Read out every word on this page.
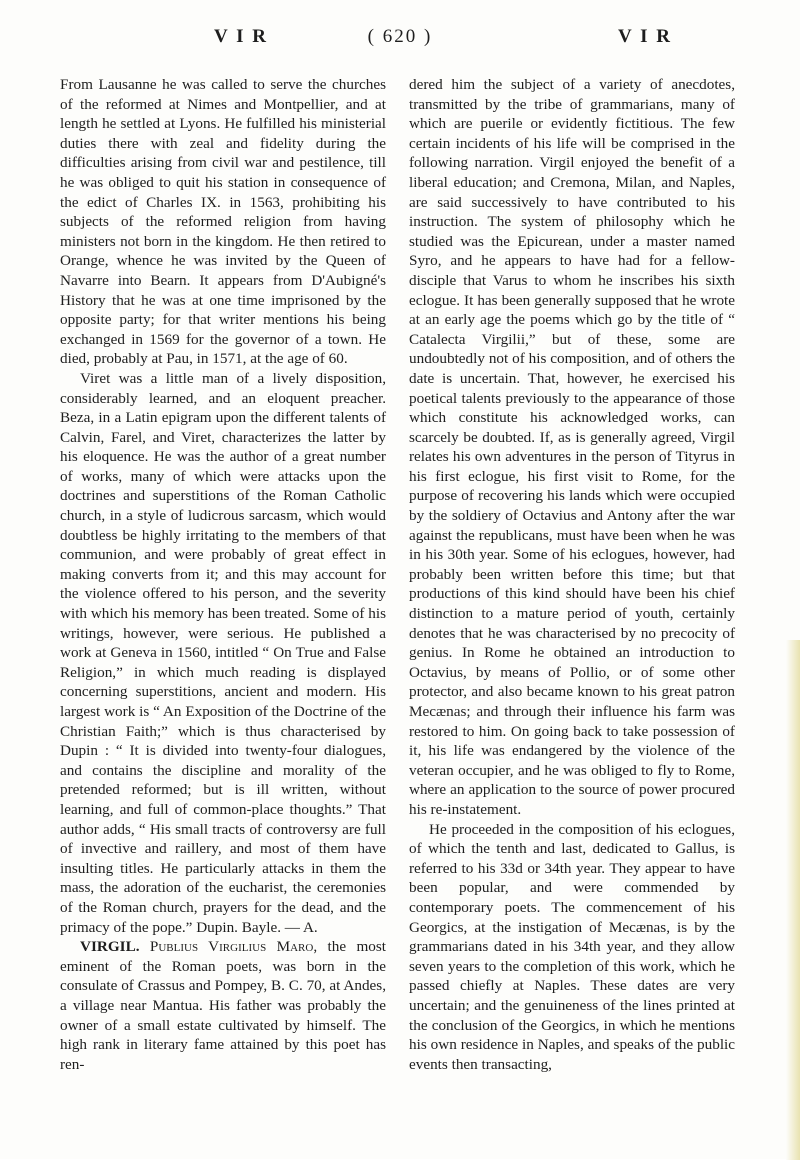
V I R	( 620 )	V I R

From Lausanne he was called to serve the churches of the reformed at Nimes and Montpellier, and at length he settled at Lyons. He fulfilled his ministerial duties there with zeal and fidelity during the difficulties arising from civil war and pestilence, till he was obliged to quit his station in consequence of the edict of Charles IX. in 1563, prohibiting his subjects of the reformed religion from having ministers not born in the kingdom. He then retired to Orange, whence he was invited by the Queen of Navarre into Bearn. It appears from D'Aubigné's History that he was at one time imprisoned by the opposite party; for that writer mentions his being exchanged in 1569 for the governor of a town. He died, probably at Pau, in 1571, at the age of 60.

Viret was a little man of a lively disposition, considerably learned, and an eloquent preacher. Beza, in a Latin epigram upon the different talents of Calvin, Farel, and Viret, characterizes the latter by his eloquence. He was the author of a great number of works, many of which were attacks upon the doctrines and superstitions of the Roman Catholic church, in a style of ludicrous sarcasm, which would doubtless be highly irritating to the members of that communion, and were probably of great effect in making converts from it; and this may account for the violence offered to his person, and the severity with which his memory has been treated. Some of his writings, however, were serious. He published a work at Geneva in 1560, intitled “ On True and False Religion,” in which much reading is displayed concerning superstitions, ancient and modern. His largest work is “ An Exposition of the Doctrine of the Christian Faith;” which is thus characterised by Dupin : “ It is divided into twenty-four dialogues, and contains the discipline and morality of the pretended reformed; but is ill written, without learning, and full of common-place thoughts.” That author adds, “ His small tracts of controversy are full of invective and raillery, and most of them have insulting titles. He particularly attacks in them the mass, the adoration of the eucharist, the ceremonies of the Roman church, prayers for the dead, and the primacy of the pope.” Dupin. Bayle. — A.

VIRGIL. Publius Virgilius Maro, the most eminent of the Roman poets, was born in the consulate of Crassus and Pompey, B. C. 70, at Andes, a village near Mantua. His father was probably the owner of a small estate cultivated by himself. The high rank in literary fame attained by this poet has ren-

dered him the subject of a variety of anecdotes, transmitted by the tribe of grammarians, many of which are puerile or evidently fictitious. The few certain incidents of his life will be comprised in the following narration. Virgil enjoyed the benefit of a liberal education; and Cremona, Milan, and Naples, are said successively to have contributed to his instruction. The system of philosophy which he studied was the Epicurean, under a master named Syro, and he appears to have had for a fellow-disciple that Varus to whom he inscribes his sixth eclogue. It has been generally supposed that he wrote at an early age the poems which go by the title of “ Catalecta Virgilii,” but of these, some are undoubtedly not of his composition, and of others the date is uncertain. That, however, he exercised his poetical talents previously to the appearance of those which constitute his acknowledged works, can scarcely be doubted. If, as is generally agreed, Virgil relates his own adventures in the person of Tityrus in his first eclogue, his first visit to Rome, for the purpose of recovering his lands which were occupied by the soldiery of Octavius and Antony after the war against the republicans, must have been when he was in his 30th year. Some of his eclogues, however, had probably been written before this time; but that productions of this kind should have been his chief distinction to a mature period of youth, certainly denotes that he was characterised by no precocity of genius. In Rome he obtained an introduction to Octavius, by means of Pollio, or of some other protector, and also became known to his great patron Mecænas; and through their influence his farm was restored to him. On going back to take possession of it, his life was endangered by the violence of the veteran occupier, and he was obliged to fly to Rome, where an application to the source of power procured his re-instatement.

He proceeded in the composition of his eclogues, of which the tenth and last, dedicated to Gallus, is referred to his 33d or 34th year. They appear to have been popular, and were commended by contemporary poets. The commencement of his Georgics, at the instigation of Mecænas, is by the grammarians dated in his 34th year, and they allow seven years to the completion of this work, which he passed chiefly at Naples. These dates are very uncertain; and the genuineness of the lines printed at the conclusion of the Georgics, in which he mentions his own residence in Naples, and speaks of the public events then transacting,
